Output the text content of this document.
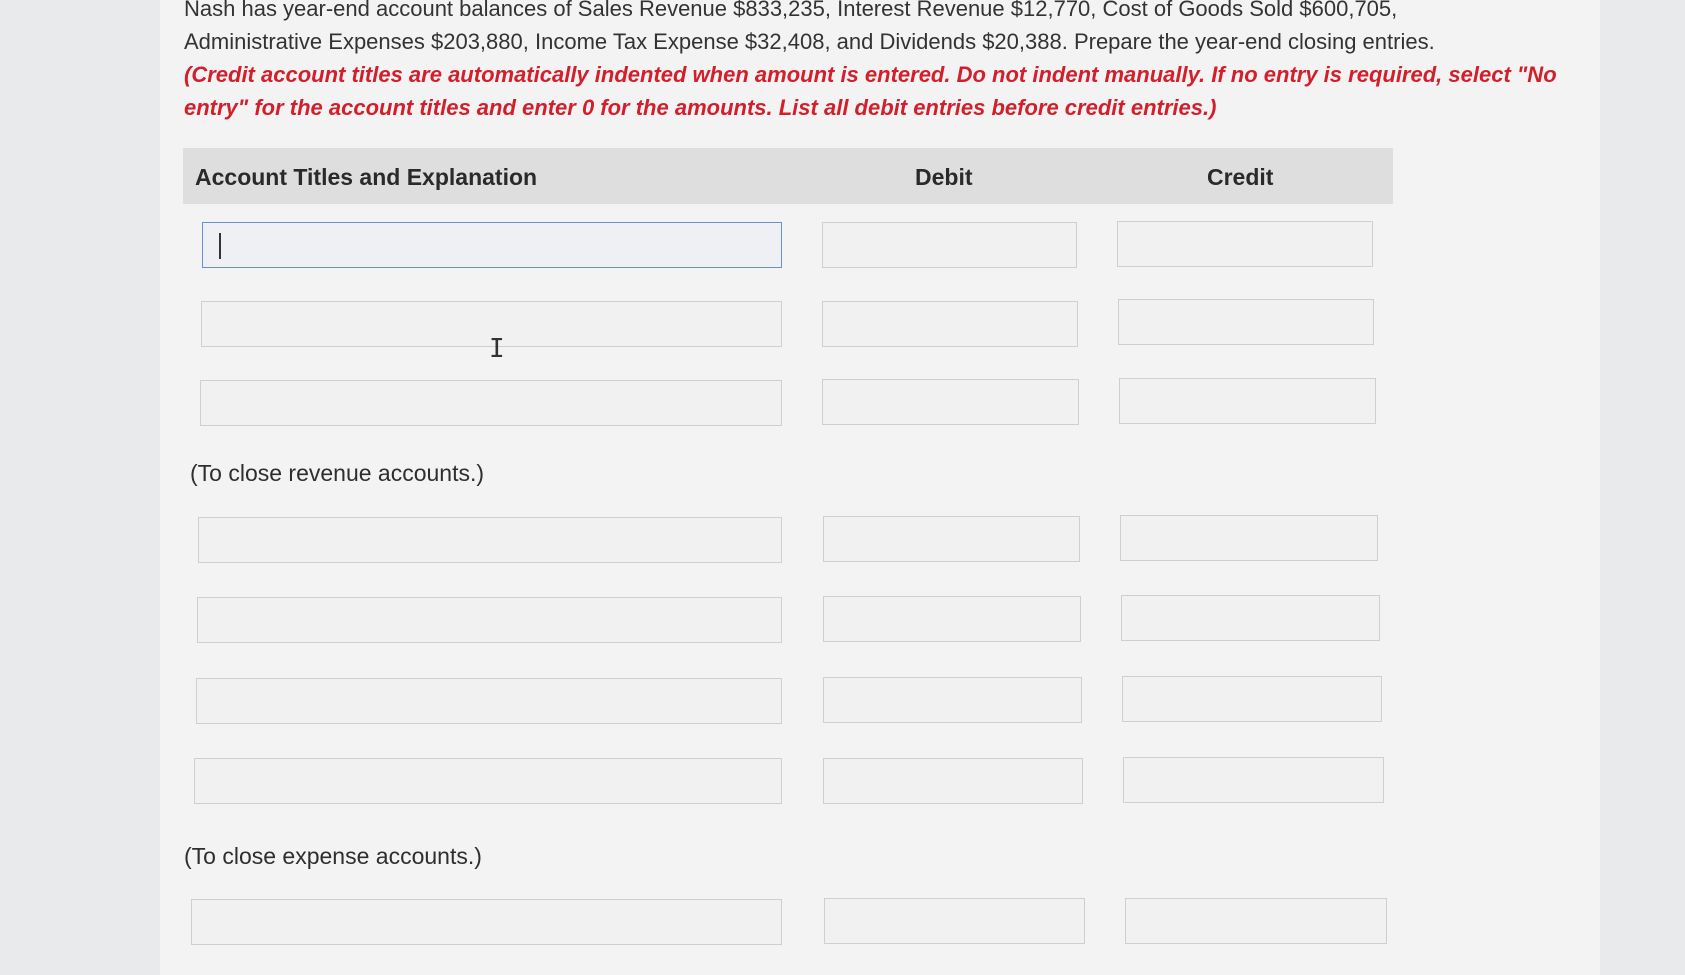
Nash has year-end account balances of Sales Revenue $833,235, Interest Revenue $12,770, Cost of Goods Sold $600,705,
Administrative Expenses $203,880, Income Tax Expense $32,408, and Dividends $20,388. Prepare the year-end closing entries.
(Credit account titles are automatically indented when amount is entered. Do not indent manually. If no entry is required, select "No entry" for the account titles and enter 0 for the amounts. List all debit entries before credit entries.)
Account Titles and Explanation	Debit	Credit
I
(To close revenue accounts.)
(To close expense accounts.)
